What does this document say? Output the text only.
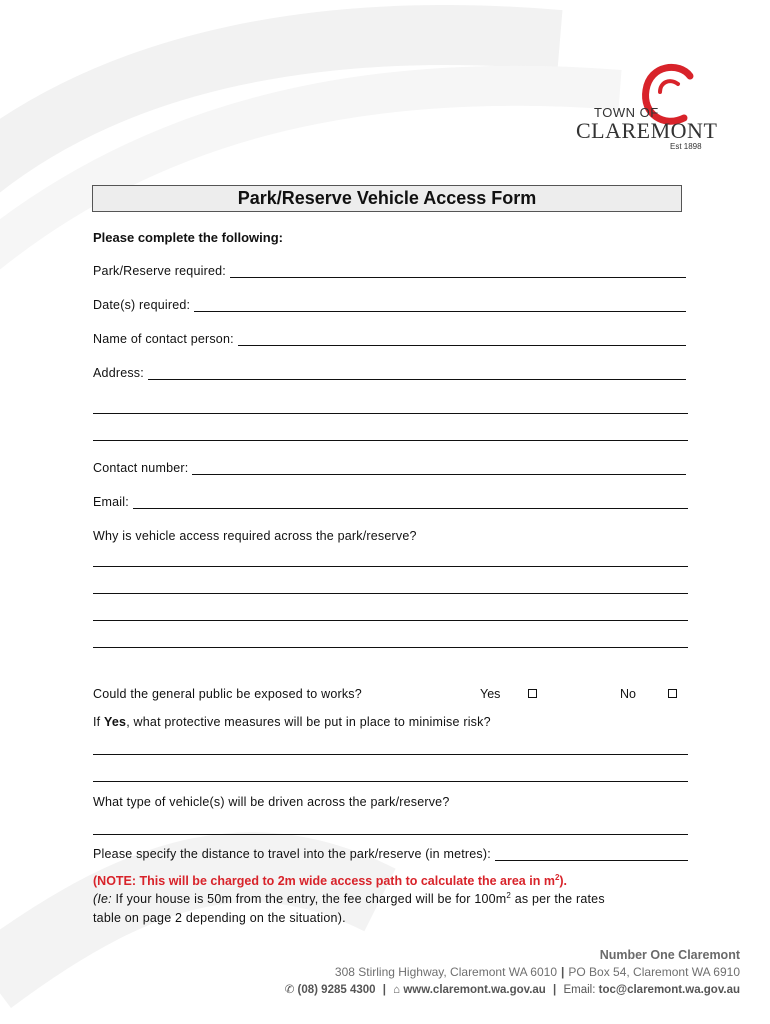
TOWN OF
CLAREMONT
Est 1898
Park/Reserve Vehicle Access Form
Please complete the following:
Park/Reserve required:
Date(s) required:
Name of contact person:
Address:
Contact number:
Email:
Why is vehicle access required across the park/reserve?
Could the general public be exposed to works?	Yes	No
If Yes, what protective measures will be put in place to minimise risk?
What type of vehicle(s) will be driven across the park/reserve?
Please specify the distance to travel into the park/reserve (in metres):
(NOTE: This will be charged to 2m wide access path to calculate the area in $m^2$).
(Ie: If your house is 50m from the entry, the fee charged will be for $100m^2$ as per the rates
table on page 2 depending on the situation).
Number One Claremont
308 Stirling Highway, Claremont WA 6010 | PO Box 54, Claremont WA 6910
✆ (08) 9285 4300 | ⌂ www.claremont.wa.gov.au | Email: toc@claremont.wa.gov.au
